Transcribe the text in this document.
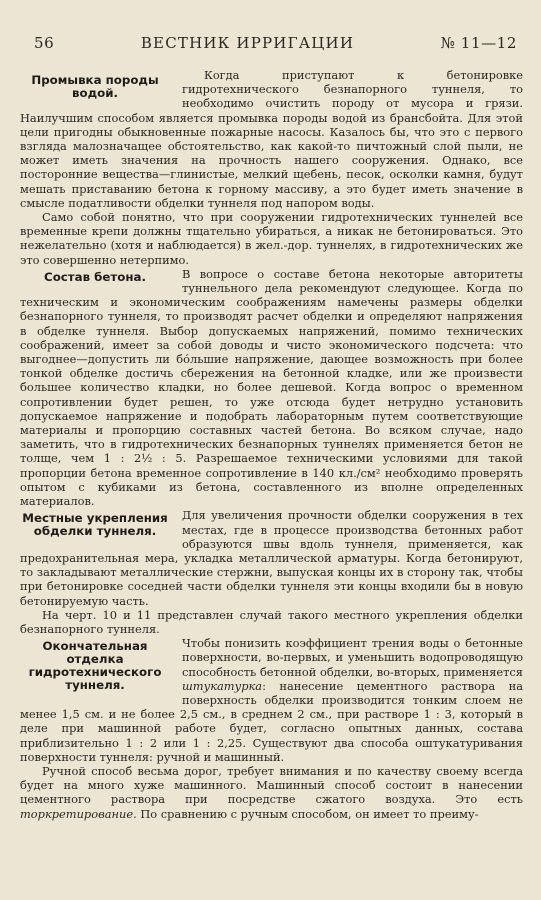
56	ВЕСТНИК ИРРИГАЦИИ	№ 11—12
Промывка породы водой.

Когда приступают к бетонировке гидротехнического безнапорного туннеля, то необходимо очистить породу от мусора и грязи. Наилучшим способом является промывка породы водой из брансбойта. Для этой цели пригодны обыкновенные пожарные насосы. Казалось бы, что это с первого взгляда малозначащее обстоятельство, как какой-то пичтожный слой пыли, не может иметь значения на прочность нашего сооружения. Однако, все посторонние вещества—глинистые, мелкий щебень, песок, осколки камня, будут мешать приставанию бетона к горному массиву, а это будет иметь значение в смысле податливости обделки туннеля под напором воды.

Само собой понятно, что при сооружении гидротехнических туннелей все временные крепи должны тщательно убираться, а никак не бетонироваться. Это нежелательно (хотя и наблюдается) в жел.-дор. туннелях, в гидротехнических же это совершенно нетерпимо.

Состав бетона.	В вопросе о составе бетона некоторые авторитеты туннельного дела рекомендуют следующее. Когда по техническим и экономическим соображениям намечены размеры обделки безнапорного туннеля, то производят расчет обделки и определяют напряжения в обделке туннеля. Выбор допускаемых напряжений, помимо технических соображений, имеет за собой доводы и чисто экономического подсчета: что выгоднее—допустить ли бо́льшие напряжение, дающее возможность при более тонкой обделке достичь сбережения на бетонной кладке, или же произвести большее количество кладки, но более дешевой. Когда вопрос о временном сопротивлении будет решен, то уже отсюда будет нетрудно установить допускаемое напряжение и подобрать лабораторным путем соответствующие материалы и пропорцию составных частей бетона. Во всяком случае, надо заметить, что в гидротехнических безнапорных туннелях применяется бетон не толще, чем 1 : 2½ : 5. Разрешаемое техническими условиями для такой пропорции бетона временное сопротивление в 140 кл./см² необходимо проверять опытом с кубиками из бетона, составленного из вполне определенных материалов.

Местные укрепления обделки туннеля.

Для увеличения прочности обделки сооружения в тех местах, где в процессе производства бетонных работ образуются швы вдоль туннеля, применяется, как предохранительная мера, укладка металлической арматуры. Когда бетонируют, то закладывают металлические стержни, выпуская концы их в сторону так, чтобы при бетонировке соседней части обделки туннеля эти концы входили бы в новую бетонируемую часть.

На черт. 10 и 11 представлен случай такого местного укрепления обделки безнапорного туннеля.

Окончательная отделка гидротехнического туннеля.

Чтобы понизить коэффициент трения воды о бетонные поверхности, во-первых, и уменьшить водопроводящую способность бетонной обделки, во-вторых, применяется штукатурка: нанесение цементного раствора на поверхность обделки производится тонким слоем не менее 1,5 см. и не более 2,5 см., в среднем 2 см., при растворе 1 : 3, который в деле при машинной работе будет, согласно опытных данных, состава приблизительно 1 : 2 или 1 : 2,25. Существуют два способа оштукатуривания поверхности туннеля: ручной и машинный.

Ручной способ весьма дорог, требует внимания и по качеству своему всегда будет на много хуже машинного. Машинный способ состоит в нанесении цементного раствора при посредстве сжатого воздуха. Это есть торкретирование. По сравнению с ручным способом, он имеет то преиму-
